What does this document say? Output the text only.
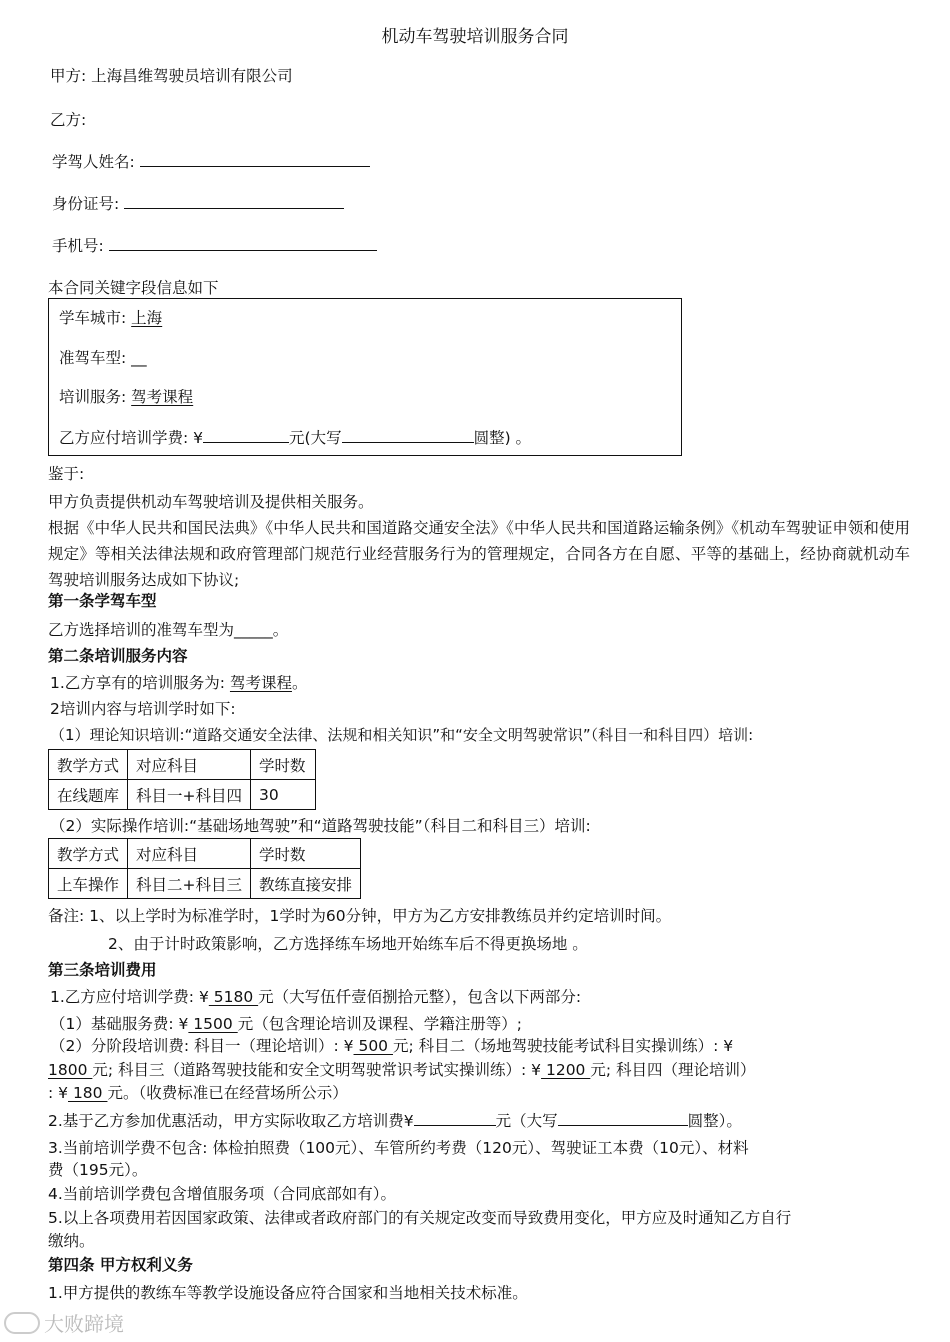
机动车驾驶培训服务合同
甲方: 上海昌维驾驶员培训有限公司
乙方:
学驾人姓名:
身份证号:
手机号:
本合同关键字段信息如下
学车城市: 上海
准驾车型: __
培训服务: 驾考课程
乙方应付培训学费: ¥	元(大写	圆整) 。
鉴于:
甲方负责提供机动车驾驶培训及提供相关服务。
根据《中华人民共和国民法典》《中华人民共和国道路交通安全法》《中华人民共和国道路运输条例》《机动车驾驶证申领和使用规定》等相关法律法规和政府管理部门规范行业经营服务行为的管理规定，合同各方在自愿、平等的基础上，经协商就机动车驾驶培训服务达成如下协议;
第一条学驾车型
乙方选择培训的准驾车型为_____。
第二条培训服务内容
1.乙方享有的培训服务为: 驾考课程。
2培训内容与培训学时如下:
（1）理论知识培训:“道路交通安全法律、法规和相关知识”和“安全文明驾驶常识”（科目一和科目四）培训:
教学方式	对应科目	学时数
在线题库	科目一+科目四	30
（2）实际操作培训:“基础场地驾驶”和“道路驾驶技能”（科目二和科目三）培训:
教学方式	对应科目	学时数
上车操作	科目二+科目三	教练直接安排
备注: 1、以上学时为标准学时，1学时为60分钟，甲方为乙方安排教练员并约定培训时间。
2、由于计时政策影响，乙方选择练车场地开始练车后不得更换场地 。
第三条培训费用
1.乙方应付培训学费: ¥ 5180 元（大写伍仟壹佰捌拾元整），包含以下两部分:
（1）基础服务费: ¥ 1500 元（包含理论培训及课程、学籍注册等）;
（2）分阶段培训费: 科目一（理论培训）: ¥ 500 元; 科目二（场地驾驶技能考试科目实操训练）: ¥
1800 元; 科目三（道路驾驶技能和安全文明驾驶常识考试实操训练）: ¥ 1200 元; 科目四（理论培训）
: ¥ 180 元。（收费标准已在经营场所公示）
2.基于乙方参加优惠活动，甲方实际收取乙方培训费¥	元（大写	圆整）。
3.当前培训学费不包含: 体检拍照费（100元）、车管所约考费（120元）、驾驶证工本费（10元）、材料
费（195元）。
4.当前培训学费包含增值服务项（合同底部如有）。
5.以上各项费用若因国家政策、法律或者政府部门的有关规定改变而导致费用变化，甲方应及时通知乙方自行
缴纳。
第四条 甲方权利义务
1.甲方提供的教练车等教学设施设备应符合国家和当地相关技术标准。
大败蹄境
